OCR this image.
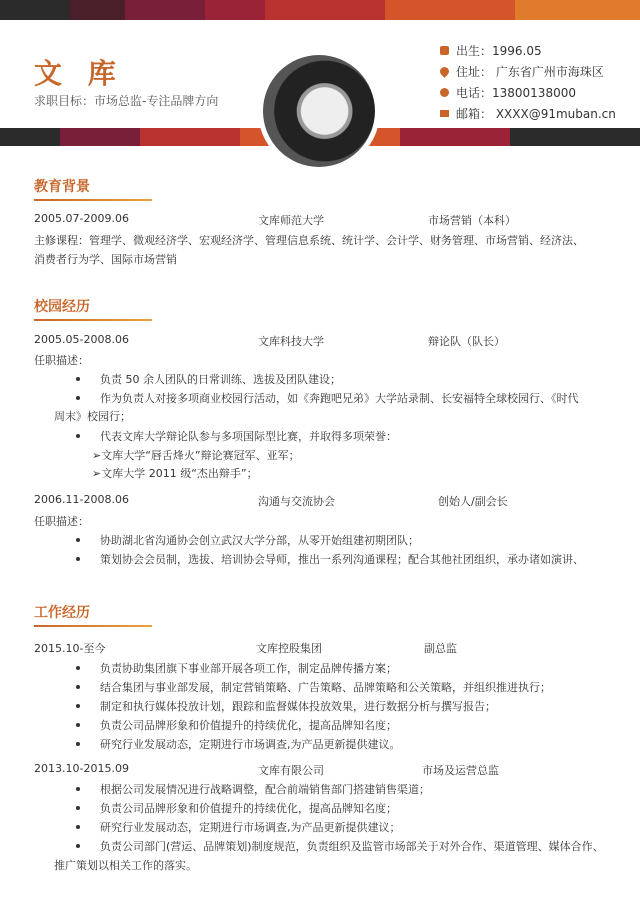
文 库
求职目标：市场总监-专注品牌方向
出生：1996.05
住址： 广东省广州市海珠区
电话：13800138000
邮箱： XXXX@91muban.cn
教育背景
2005.07-2009.06	文库师范大学	市场营销（本科）
主修课程：管理学、微观经济学、宏观经济学、管理信息系统、统计学、会计学、财务管理、市场营销、经济法、
消费者行为学、国际市场营销
校园经历
2005.05-2008.06	文库科技大学	辩论队（队长）
任职描述：
负责 50 余人团队的日常训练、选拔及团队建设；
作为负责人对接多项商业校园行活动，如《奔跑吧兄弟》大学站录制、长安福特全球校园行、《时代
周末》校园行；
代表文库大学辩论队参与多项国际型比赛，并取得多项荣誉：
➢文库大学“唇舌烽火”辩论赛冠军、亚军；
➢文库大学 2011 级“杰出辩手”；
2006.11-2008.06	沟通与交流协会	创始人/副会长
任职描述：
协助湖北省沟通协会创立武汉大学分部，从零开始组建初期团队；
策划协会会员制，选拔、培训协会导师，推出一系列沟通课程；配合其他社团组织，承办诸如演讲、
工作经历
2015.10-至今	文库控股集团	副总监
负责协助集团旗下事业部开展各项工作，制定品牌传播方案；
结合集团与事业部发展，制定营销策略、广告策略、品牌策略和公关策略，并组织推进执行；
制定和执行媒体投放计划，跟踪和监督媒体投放效果，进行数据分析与撰写报告；
负责公司品牌形象和价值提升的持续优化，提高品牌知名度；
研究行业发展动态，定期进行市场调查,为产品更新提供建议。
2013.10-2015.09	文库有限公司	市场及运营总监
根据公司发展情况进行战略调整，配合前端销售部门搭建销售渠道；
负责公司品牌形象和价值提升的持续优化，提高品牌知名度；
研究行业发展动态，定期进行市场调查,为产品更新提供建议；
负责公司部门(营运、品牌策划)制度规范，负责组织及监管市场部关于对外合作、渠道管理、媒体合作、
推广策划以相关工作的落实。
